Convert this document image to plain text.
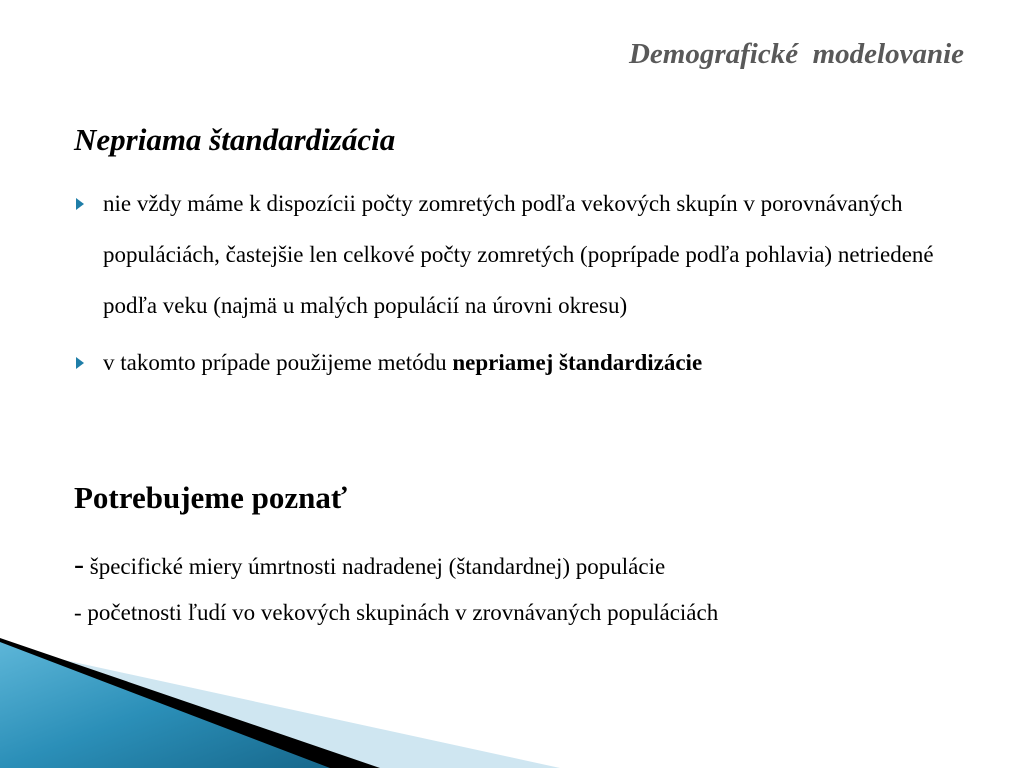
Demografické  modelovanie
Nepriama štandardizácia
nie vždy máme k dispozícii počty zomretých podľa vekových skupín v porovnávaných populáciách, častejšie len celkové počty zomretých (poprípade podľa pohlavia) netriedené podľa veku (najmä u malých populácií na úrovni okresu)
v takomto prípade použijeme metódu nepriamej štandardizácie
Potrebujeme poznať
- špecifické miery úmrtnosti nadradenej (štandardnej) populácie
- početnosti ľudí vo vekových skupinách v zrovnávaných populáciách
